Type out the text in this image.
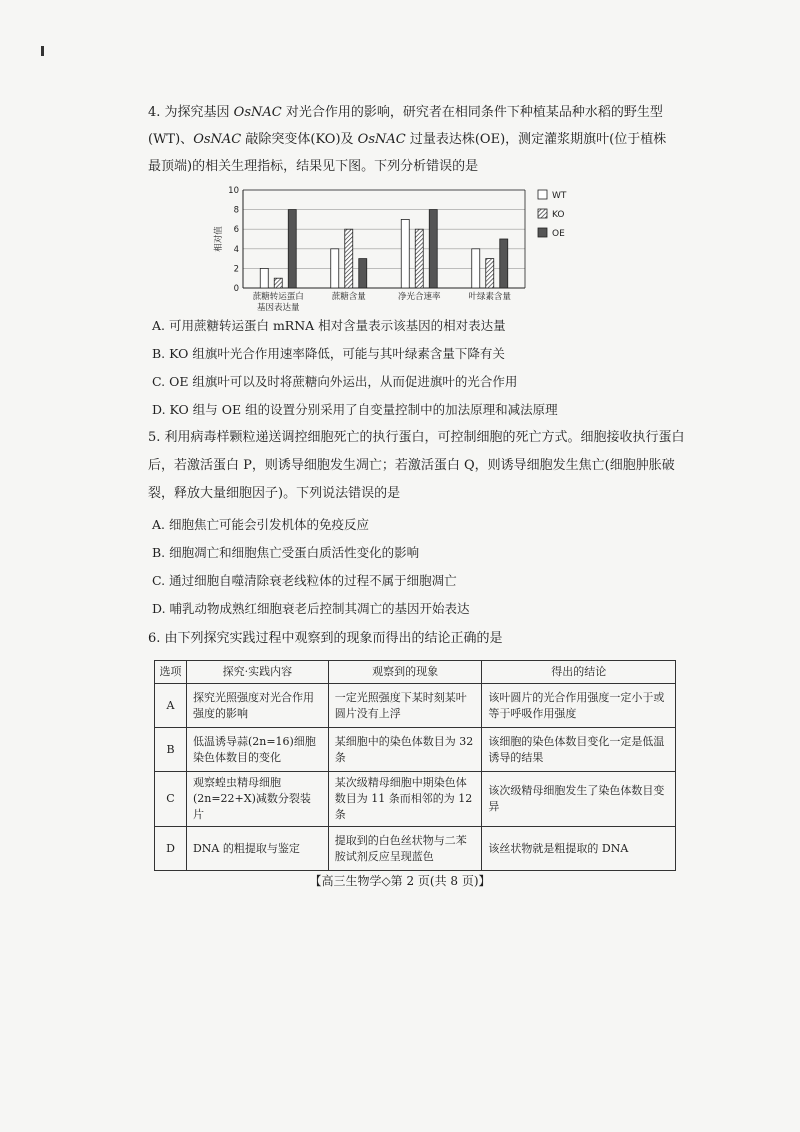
4. 为探究基因 OsNAC 对光合作用的影响，研究者在相同条件下种植某品种水稻的野生型
(WT)、OsNAC 敲除突变体(KO)及 OsNAC 过量表达株(OE)，测定灌浆期旗叶(位于植株
最顶端)的相关生理指标，结果见下图。下列分析错误的是
0
2
4
6
8
10
相对值
蔗糖转运蛋白
基因表达量
蔗糖含量	净光合速率	叶绿素含量
WT
KO
OE
A. 可用蔗糖转运蛋白 mRNA 相对含量表示该基因的相对表达量
B. KO 组旗叶光合作用速率降低，可能与其叶绿素含量下降有关
C. OE 组旗叶可以及时将蔗糖向外运出，从而促进旗叶的光合作用
D. KO 组与 OE 组的设置分别采用了自变量控制中的加法原理和减法原理
5. 利用病毒样颗粒递送调控细胞死亡的执行蛋白，可控制细胞的死亡方式。细胞接收执行蛋白
后，若激活蛋白 P，则诱导细胞发生凋亡；若激活蛋白 Q，则诱导细胞发生焦亡(细胞肿胀破
裂，释放大量细胞因子)。下列说法错误的是
A. 细胞焦亡可能会引发机体的免疫反应
B. 细胞凋亡和细胞焦亡受蛋白质活性变化的影响
C. 通过细胞自噬清除衰老线粒体的过程不属于细胞凋亡
D. 哺乳动物成熟红细胞衰老后控制其凋亡的基因开始表达
6. 由下列探究实践过程中观察到的现象而得出的结论正确的是
选项	探究·实践内容	观察到的现象	得出的结论
A	探究光照强度对光合作用强度的影响	一定光照强度下某时刻某叶圆片没有上浮	该叶圆片的光合作用强度一定小于或等于呼吸作用强度
B	低温诱导蒜(2n=16)细胞染色体数目的变化	某细胞中的染色体数目为 32 条	该细胞的染色体数目变化一定是低温诱导的结果
C	观察蝗虫精母细胞(2n=22+X)减数分裂装片	某次级精母细胞中期染色体数目为 11 条而相邻的为 12 条	该次级精母细胞发生了染色体数目变异
D	DNA 的粗提取与鉴定	提取到的白色丝状物与二苯胺试剂反应呈现蓝色	该丝状物就是粗提取的 DNA
【高三生物学◇第 2 页(共 8 页)】
